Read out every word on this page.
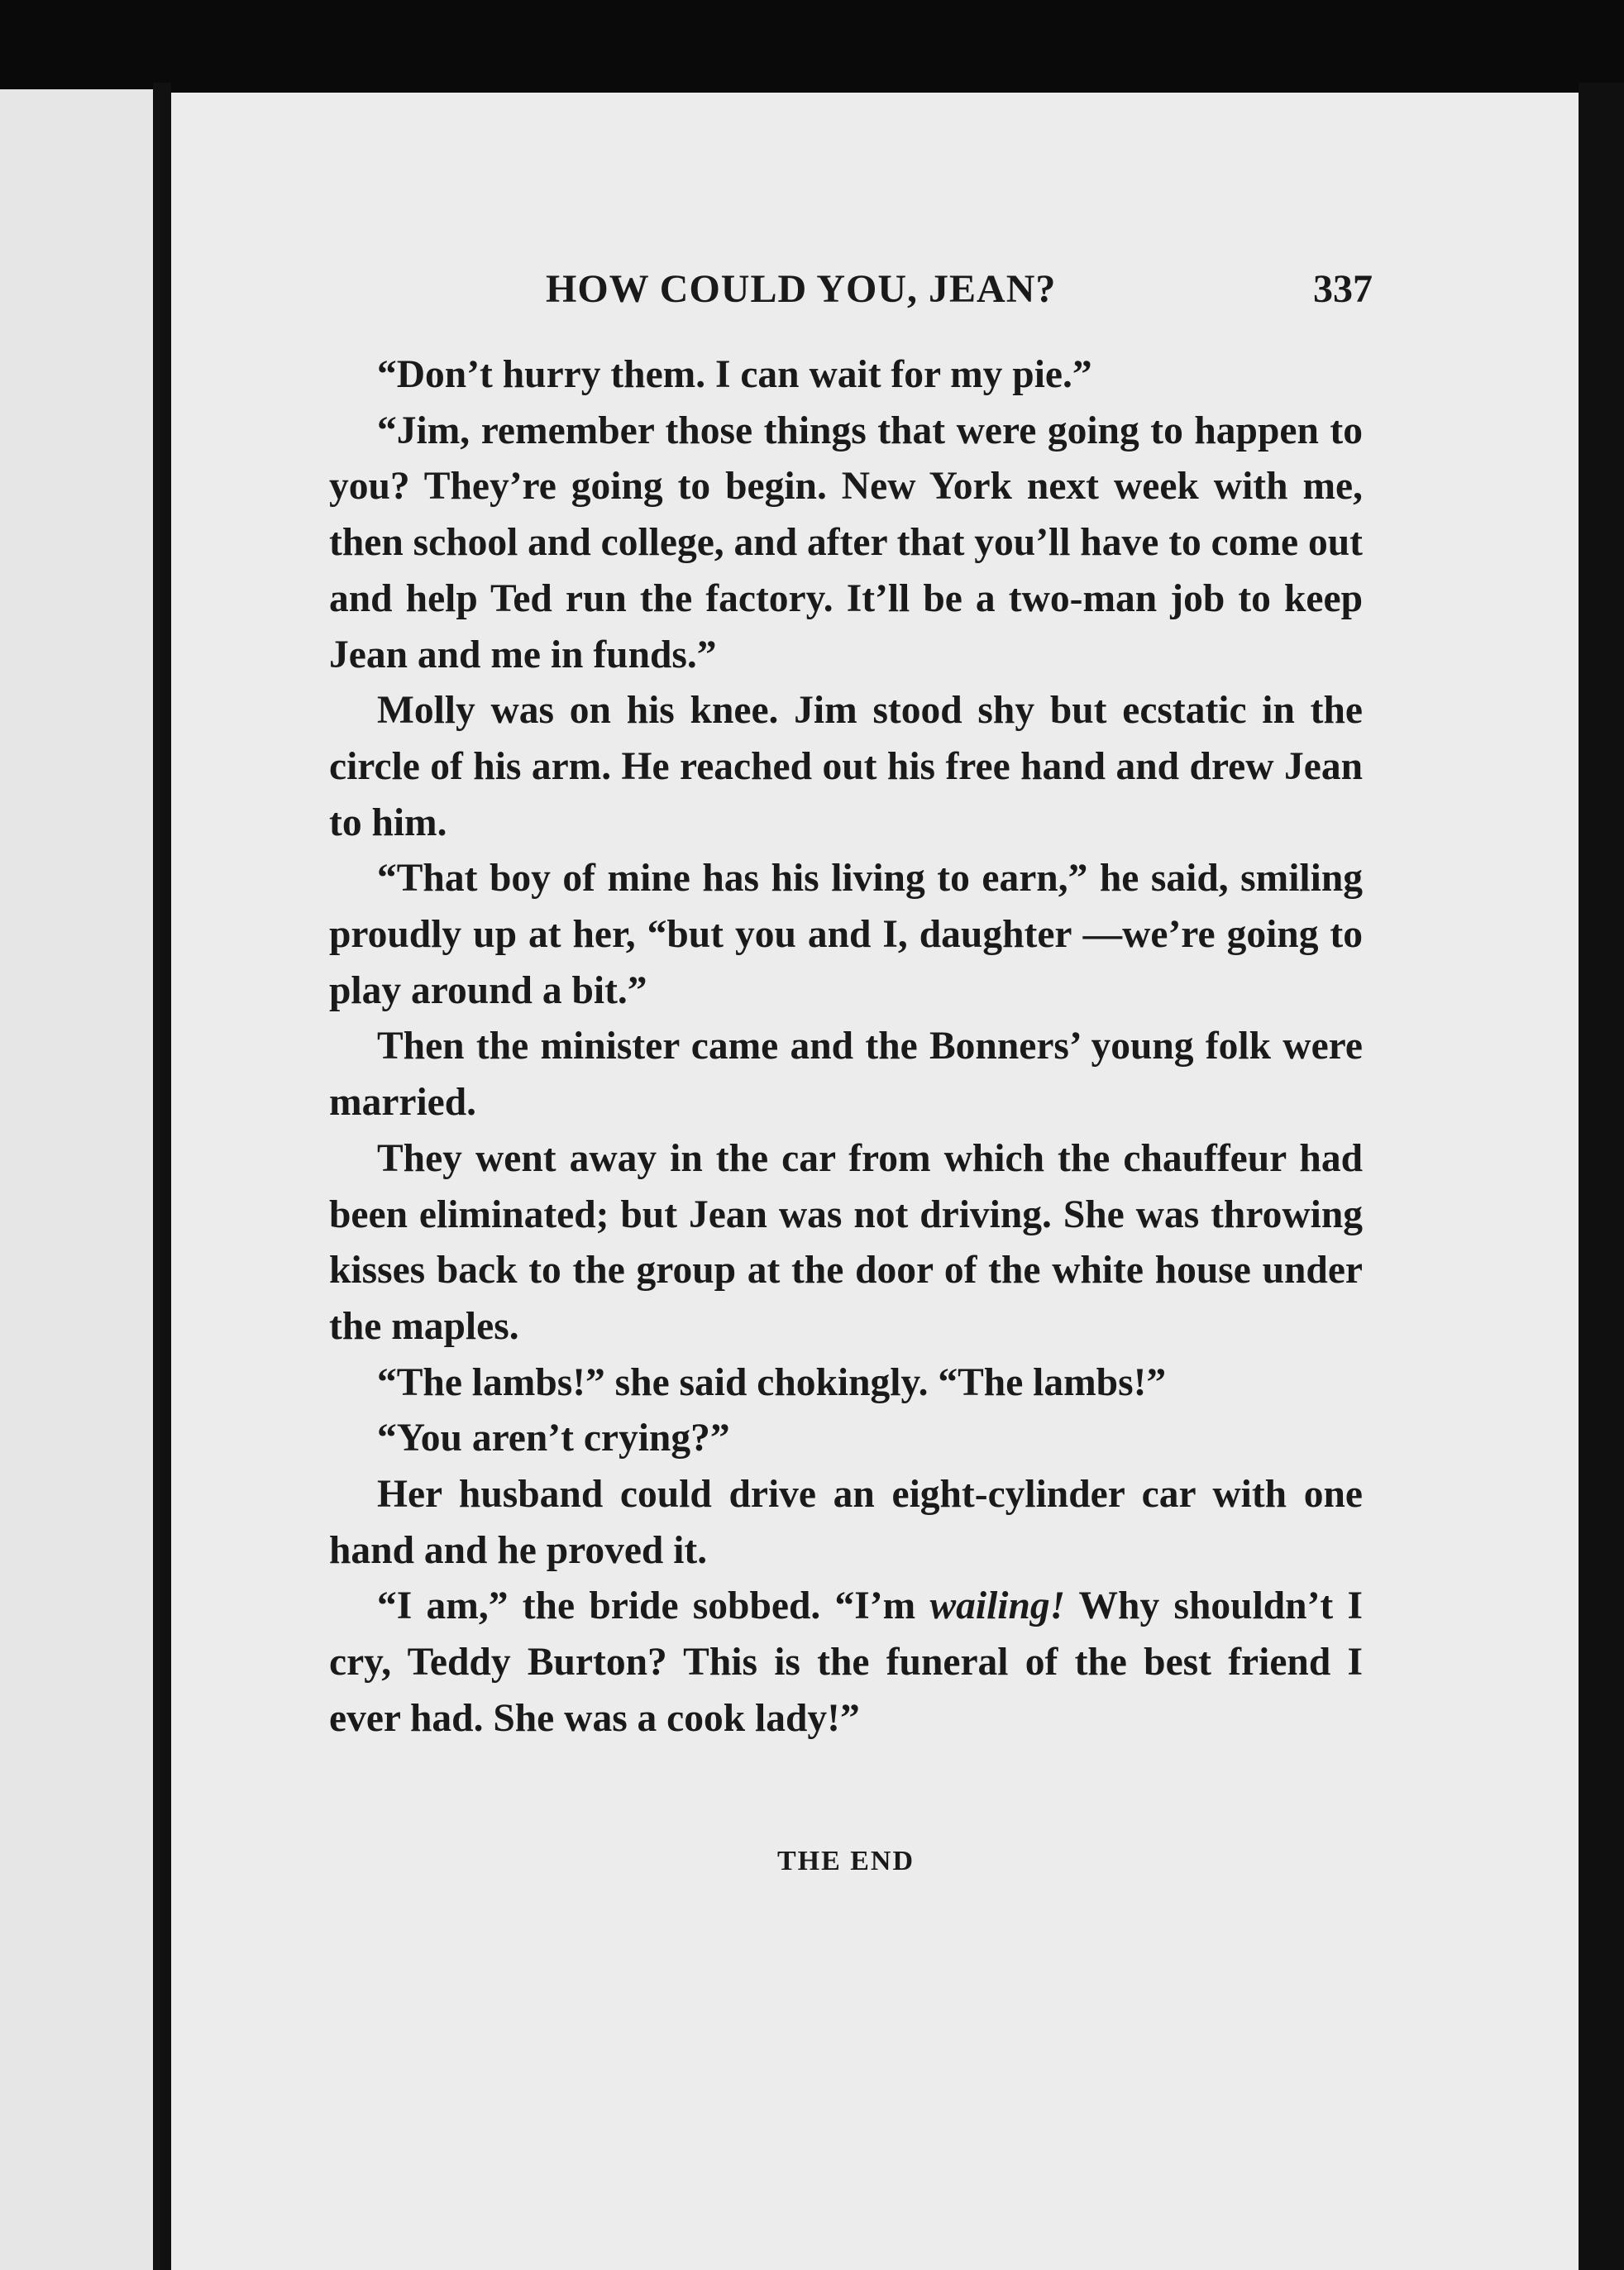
HOW COULD YOU, JEAN?	337

“Don’t hurry them. I can wait for my pie.”

“Jim, remember those things that were going to happen to you? They’re going to begin. New York next week with me, then school and college, and after that you’ll have to come out and help Ted run the factory. It’ll be a two-man job to keep Jean and me in funds.”

Molly was on his knee. Jim stood shy but ecstatic in the circle of his arm. He reached out his free hand and drew Jean to him.

“That boy of mine has his living to earn,” he said, smiling proudly up at her, “but you and I, daughter —we’re going to play around a bit.”

Then the minister came and the Bonners’ young folk were married.

They went away in the car from which the chauffeur had been eliminated; but Jean was not driving. She was throwing kisses back to the group at the door of the white house under the maples.

“The lambs!” she said chokingly. “The lambs!”

“You aren’t crying?”

Her husband could drive an eight-cylinder car with one hand and he proved it.

“I am,” the bride sobbed. “I’m wailing! Why shouldn’t I cry, Teddy Burton? This is the funeral of the best friend I ever had. She was a cook lady!”

THE END
